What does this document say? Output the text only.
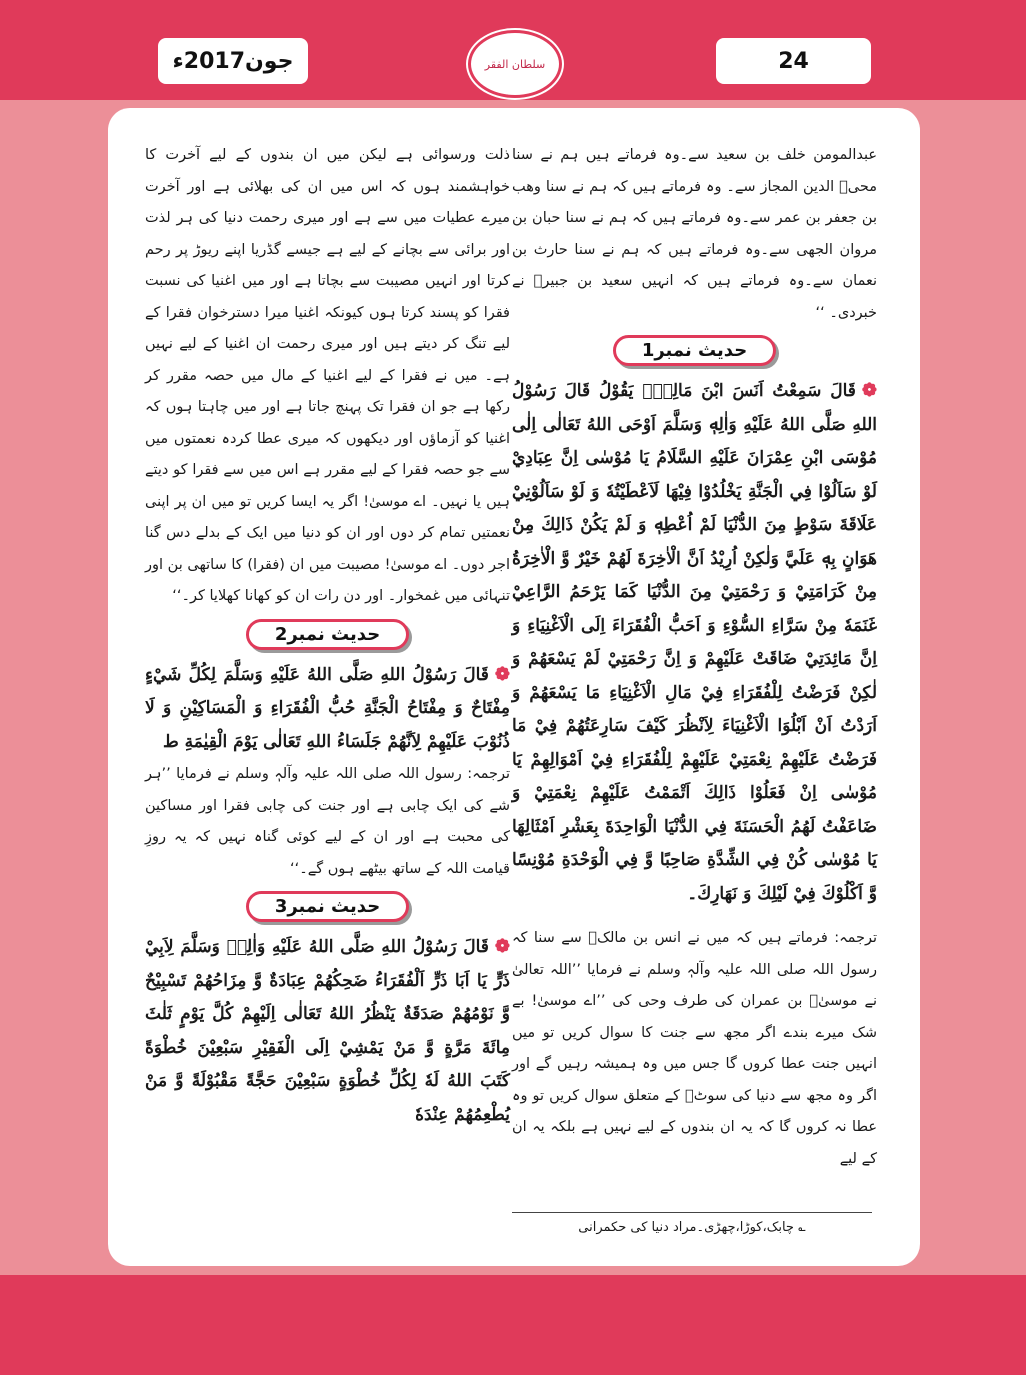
جون2017ء	سلطان الفقر	24

عبدالمومن خلف بن سعید سے۔وہ فرماتے ہیں ہم نے سنا محیؒ الدین المجاز سے۔ وہ فرماتے ہیں کہ ہم نے سنا وھب بن جعفر بن عمر سے۔وہ فرماتے ہیں کہ ہم نے سنا حبان بن مروان الجھی سے۔وہ فرماتے ہیں کہ ہم نے سنا حارث بن نعمان سے۔وہ فرماتے ہیں کہ انہیں سعید بن جبیرؓ نے خبردی۔ ‘‘

حدیث نمبر1

❁قَالَ سَمِعْتُ اَنَسَ ابْنَ مَالِكٍؓ يَقُوْلُ قَالَ رَسُوْلُ اللهِ صَلَّى اللهُ عَلَيْهِ وَاٰلِهٖ وَسَلَّمَ اَوْحَى اللهُ تَعَالٰى اِلٰى مُوْسَى ابْنِ عِمْرَانَ عَلَيْهِ السَّلَامُ يَا مُوْسٰى اِنَّ عِبَادِيْ لَوْ سَاَلُوْا فِي الْجَنَّةِ يَخْلُدُوْا فِيْهَا لَاَعْطَيْتُهٗ وَ لَوْ سَاَلُوْنِيْ عَلَاقَةَ سَوْطٍ مِنَ الدُّنْيَا لَمْ اُعْطِهٖ وَ لَمْ يَكُنْ ذَالِكَ مِنْ هَوَانٍ بِهٖ عَلَيَّ وَلٰكِنْ اُرِيْدُ اَنَّ الْاٰخِرَةَ لَهُمْ خَيْرٌ وَّ الْاٰخِرَةُ مِنْ كَرَامَتِيْ وَ رَحْمَتِيْ مِنَ الدُّنْيَا كَمَا يَرْحَمُ الرَّاعِيْ غَنَمَهٗ مِنْ سَرَّاءِ السُّوْءِ وَ اَحَبُّ الْفُقَرَاءَ اِلَى الْاَغْنِيَاءِ وَ اِنَّ مَائِدَتِيْ ضَاقَتْ عَلَيْهِمْ وَ اِنَّ رَحْمَتِيْ لَمْ يَسْعَهُمْ وَ لٰكِنْ فَرَضْتُ لِلْفُقَرَاءِ فِيْ مَالِ الْاَغْنِيَاءِ مَا يَسْعَهُمْ وَ اَرَدْتُ اَنْ اَبْلُوَا الْاَغْنِيَاءَ لِاَنْظُرَ كَيْفَ سَارِعَتُهُمْ فِيْ مَا فَرَضْتُ عَلَيْهِمْ نِعْمَتِيْ عَلَيْهِمْ لِلْفُقَرَاءِ فِيْ اَمْوَالِهِمْ يَا مُوْسٰى اِنْ فَعَلُوْا ذَالِكَ اَتْمَمْتُ عَلَيْهِمْ نِعْمَتِيْ وَ ضَاعَفْتُ لَهُمُ الْحَسَنَةَ فِي الدُّنْيَا الْوَاحِدَةَ بِعَشْرِ اَمْثَالِهَا يَا مُوْسٰى كُنْ فِي الشِّدَّةِ صَاحِبًا وَّ فِي الْوَحْدَةِ مُوْنِسًا وَّ اَكْلُوْكَ فِيْ لَيْلِكَ وَ نَهَارِكَ۔

ترجمہ: فرماتے ہیں کہ میں نے انس بن مالکؓ سے سنا کہ رسول اللہ صلی اللہ علیہ وآلہٖ وسلم نے فرمایا ’’اللہ تعالیٰ نے موسیٰؑ بن عمران کی طرف وحی کی ’’اے موسیٰ! بے شک میرے بندے اگر مجھ سے جنت کا سوال کریں تو میں انہیں جنت عطا کروں گا جس میں وہ ہمیشہ رہیں گے اور اگر وہ مجھ سے دنیا کی سوٹؔ کے متعلق سوال کریں تو وہ عطا نہ کروں گا کہ یہ ان بندوں کے لیے نہیں ہے بلکہ یہ ان کے لیے

؎ چابک،کوڑا،چھڑی۔مراد دنیا کی حکمرانی

ذلت ورسوائی ہے لیکن میں ان بندوں کے لیے آخرت کا خواہشمند ہوں کہ اس میں ان کی بھلائی ہے اور آخرت میرے عطیات میں سے ہے اور میری رحمت دنیا کی ہر لذت اور برائی سے بچانے کے لیے ہے جیسے گڈریا اپنے ریوڑ پر رحم کرتا اور انہیں مصیبت سے بچاتا ہے اور میں اغنیا کی نسبت فقرا کو پسند کرتا ہوں کیونکہ اغنیا میرا دسترخوان فقرا کے لیے تنگ کر دیتے ہیں اور میری رحمت ان اغنیا کے لیے نہیں ہے۔ میں نے فقرا کے لیے اغنیا کے مال میں حصہ مقرر کر رکھا ہے جو ان فقرا تک پہنچ جاتا ہے اور میں چاہتا ہوں کہ اغنیا کو آزماؤں اور دیکھوں کہ میری عطا کردہ نعمتوں میں سے جو حصہ فقرا کے لیے مقرر ہے اس میں سے فقرا کو دیتے ہیں یا نہیں۔ اے موسیٰ! اگر یہ ایسا کریں تو میں ان پر اپنی نعمتیں تمام کر دوں اور ان کو دنیا میں ایک کے بدلے دس گنا اجر دوں۔ اے موسیٰ! مصیبت میں ان (فقرا) کا ساتھی بن اور تنہائی میں غمخوار۔ اور دن رات ان کو کھانا کھلایا کر۔‘‘

حدیث نمبر2

❁قَالَ رَسُوْلُ اللهِ صَلَّى اللهُ عَلَيْهِ وَسَلَّمَ لِكُلِّ شَيْءٍ مِفْتَاحٌ وَ مِفْتَاحُ الْجَنَّةِ حُبُّ الْفُقَرَاءِ وَ الْمَسَاكِيْنِ وَ لَا ذُنُوْبَ عَلَيْهِمْ لِاَنَّهُمْ جَلَسَاءُ اللهِ تَعَالٰى يَوْمَ الْقِيٰمَةِ ط

ترجمہ: رسول اللہ صلی اللہ علیہ وآلہٖ وسلم نے فرمایا ’’ہر شے کی ایک چابی ہے اور جنت کی چابی فقرا اور مساکین کی محبت ہے اور ان کے لیے کوئی گناہ نہیں کہ یہ روزِ قیامت اللہ کے ساتھ بیٹھے ہوں گے۔‘‘

حدیث نمبر3

❁قَالَ رَسُوْلُ اللهِ صَلَّى اللهُ عَلَيْهِ وَاٰلِهٖ وَسَلَّمَ لِاَبِيْ ذَرٍّ يَا اَبَا ذَرٍّ اَلْفُقَرَاءُ ضَحِكُهُمْ عِبَادَةٌ وَّ مِزَاحُهُمْ تَسْبِيْحٌ وَّ نَوْمُهُمْ صَدَقَةٌ يَنْظُرُ اللهُ تَعَالٰى اِلَيْهِمْ كُلَّ يَوْمٍ ثَلٰثَ مِائَةَ مَرَّةٍ وَّ مَنْ يَمْشِيْ اِلَى الْفَقِيْرِ سَبْعِيْنَ خُطْوَةً كَتَبَ اللهُ لَهٗ لِكُلِّ خُطْوَةٍ سَبْعِيْنَ حَجَّةً مَقْبُوْلَةً وَّ مَنْ يُطْعِمُهُمْ عِنْدَهٗ
